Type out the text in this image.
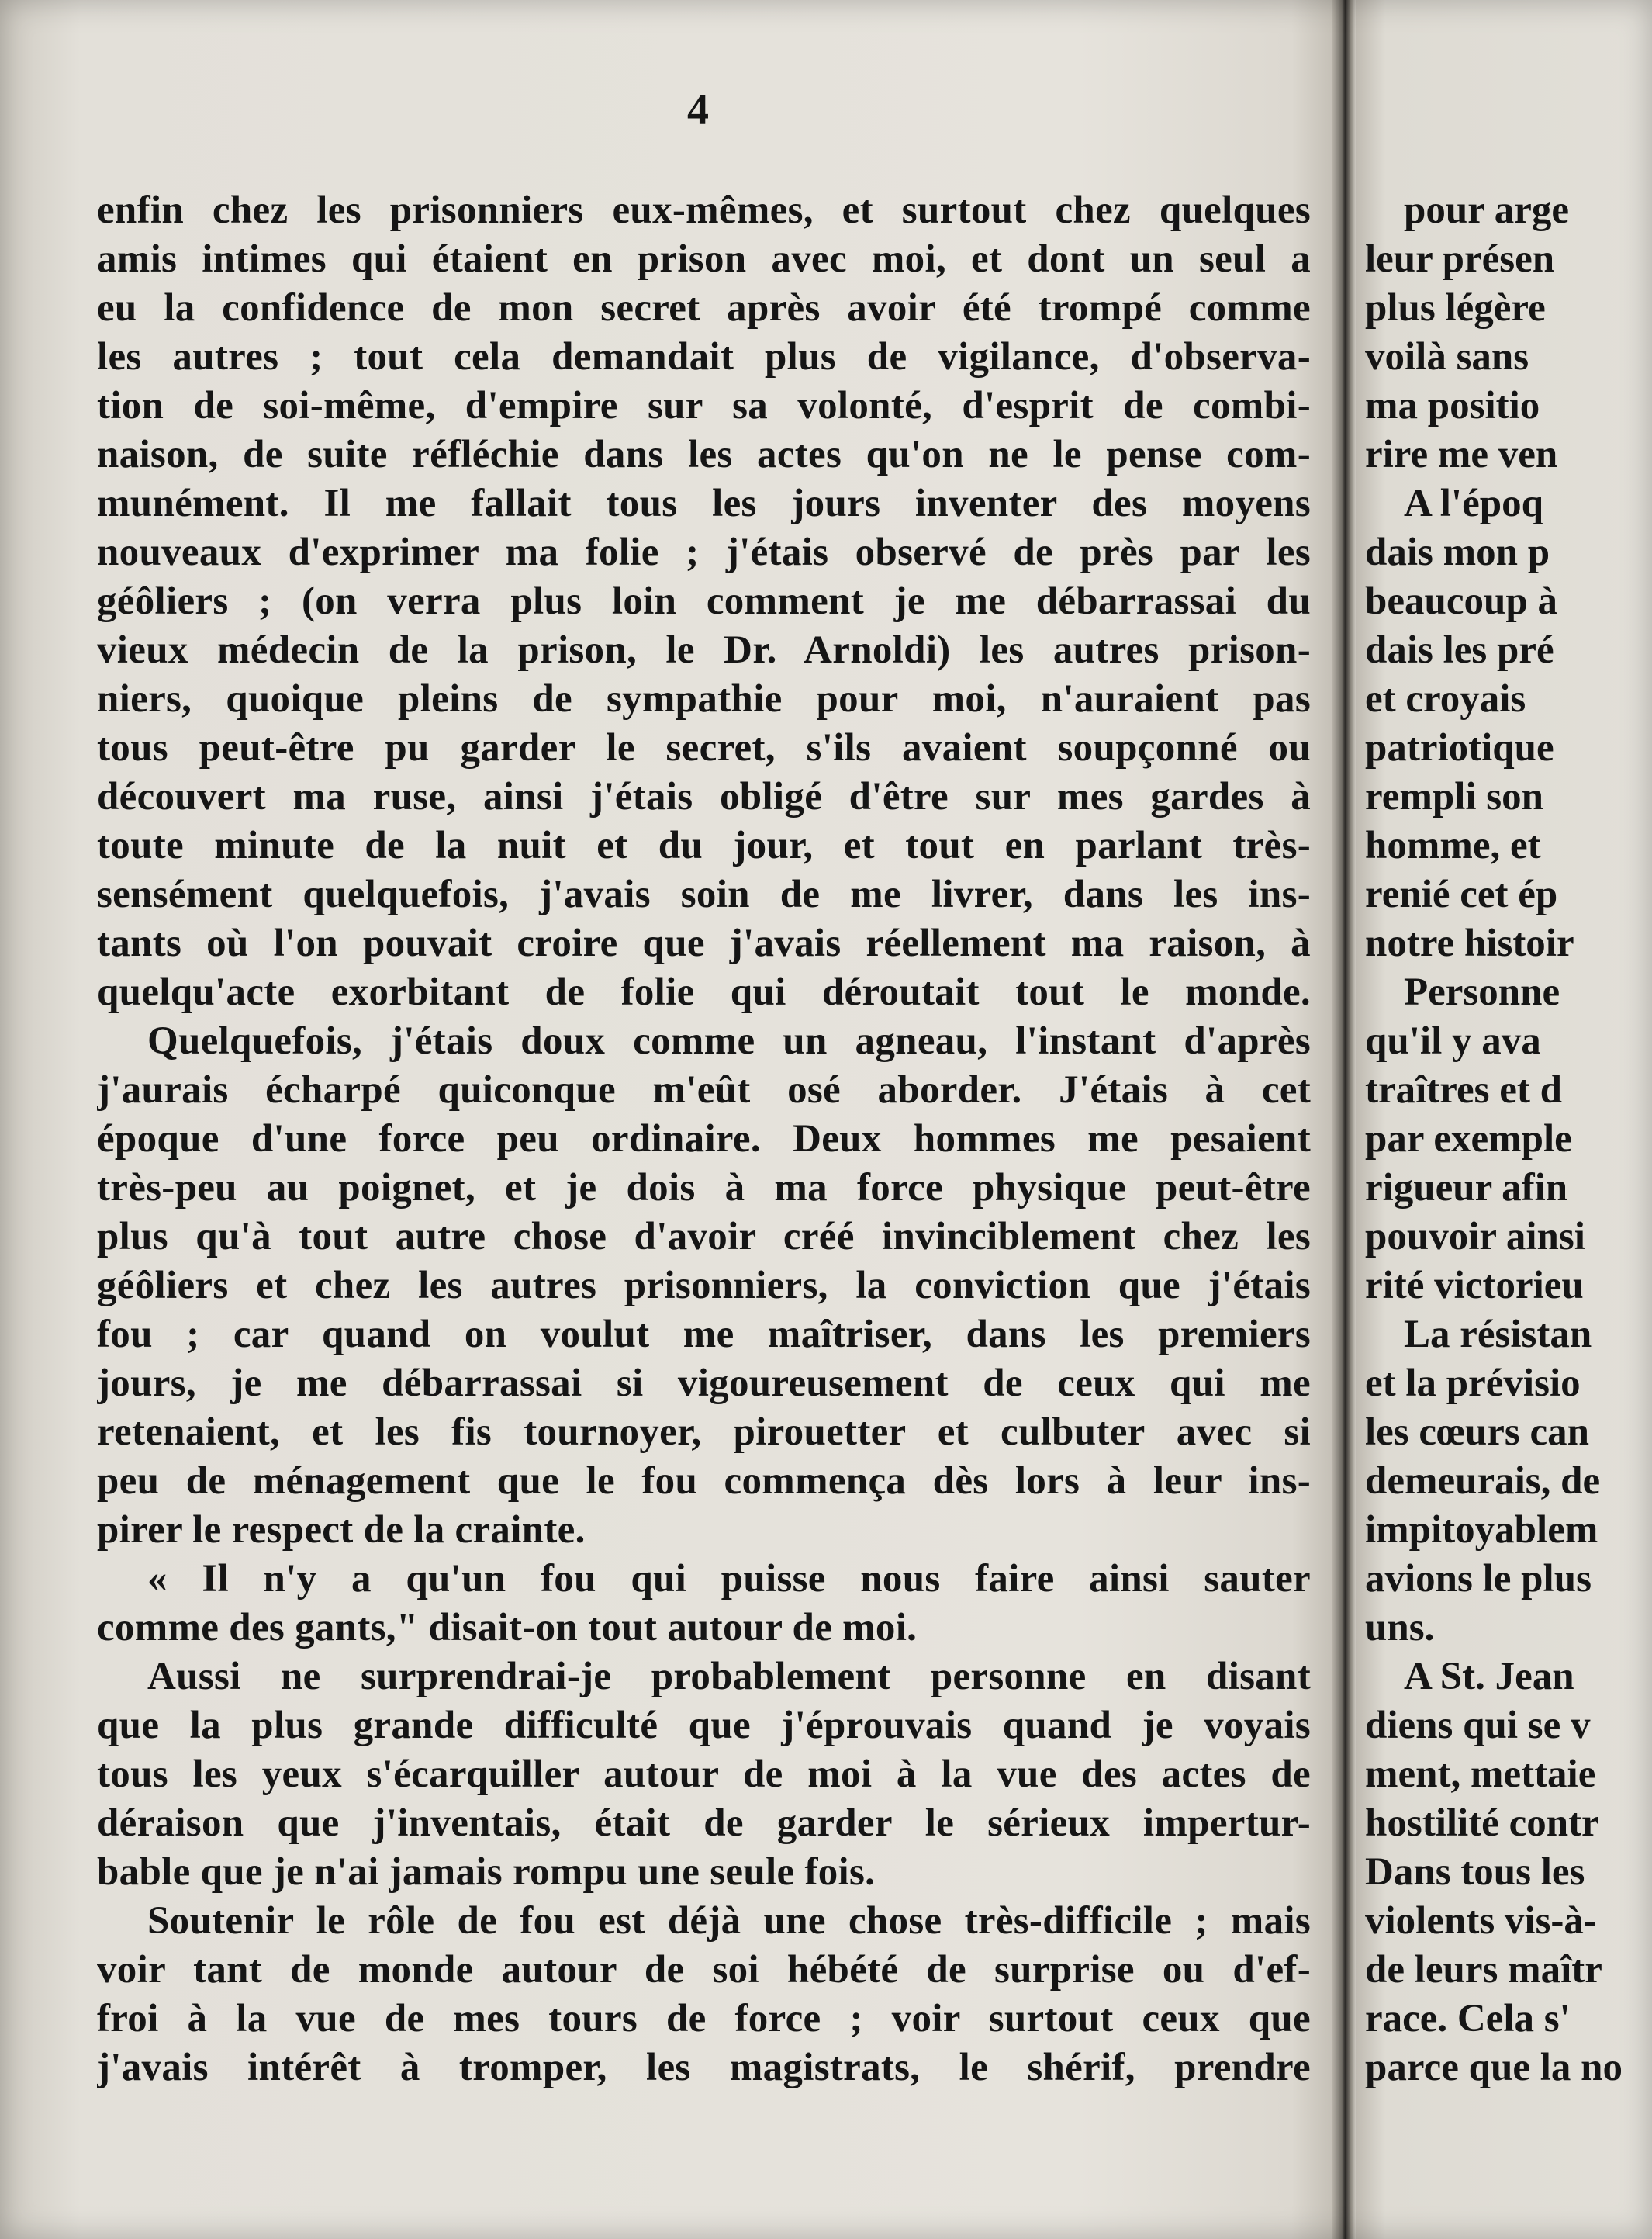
4
enfin chez les prisonniers eux-mêmes, et surtout chez quelques
amis intimes qui étaient en prison avec moi, et dont un seul a
eu la confidence de mon secret après avoir été trompé comme
les autres ; tout cela demandait plus de vigilance, d'observa-
tion de soi-même, d'empire sur sa volonté, d'esprit de combi-
naison, de suite réfléchie dans les actes qu'on ne le pense com-
munément. Il me fallait tous les jours inventer des moyens
nouveaux d'exprimer ma folie ; j'étais observé de près par les
géôliers ; (on verra plus loin comment je me débarrassai du
vieux médecin de la prison, le Dr. Arnoldi) les autres prison-
niers, quoique pleins de sympathie pour moi, n'auraient pas
tous peut-être pu garder le secret, s'ils avaient soupçonné ou
découvert ma ruse, ainsi j'étais obligé d'être sur mes gardes à
toute minute de la nuit et du jour, et tout en parlant très-
sensément quelquefois, j'avais soin de me livrer, dans les ins-
tants où l'on pouvait croire que j'avais réellement ma raison, à
quelqu'acte exorbitant de folie qui déroutait tout le monde.
Quelquefois, j'étais doux comme un agneau, l'instant d'après
j'aurais écharpé quiconque m'eût osé aborder. J'étais à cet
époque d'une force peu ordinaire. Deux hommes me pesaient
très-peu au poignet, et je dois à ma force physique peut-être
plus qu'à tout autre chose d'avoir créé invinciblement chez les
géôliers et chez les autres prisonniers, la conviction que j'étais
fou ; car quand on voulut me maîtriser, dans les premiers
jours, je me débarrassai si vigoureusement de ceux qui me
retenaient, et les fis tournoyer, pirouetter et culbuter avec si
peu de ménagement que le fou commença dès lors à leur ins-
pirer le respect de la crainte.
« Il n'y a qu'un fou qui puisse nous faire ainsi sauter
comme des gants," disait-on tout autour de moi.
Aussi ne surprendrai-je probablement personne en disant
que la plus grande difficulté que j'éprouvais quand je voyais
tous les yeux s'écarquiller autour de moi à la vue des actes de
déraison que j'inventais, était de garder le sérieux impertur-
bable que je n'ai jamais rompu une seule fois.
Soutenir le rôle de fou est déjà une chose très-difficile ; mais
voir tant de monde autour de soi hébété de surprise ou d'ef-
froi à la vue de mes tours de force ; voir surtout ceux que
j'avais intérêt à tromper, les magistrats, le shérif, prendre
pour arge
leur présen
plus légère
voilà sans
ma positio
rire me ven
A l'époq
dais mon p
beaucoup à
dais les pré
et croyais
patriotique
rempli son
homme, et
renié cet ép
notre histoir
Personne
qu'il y ava
traîtres et d
par exemple
rigueur afin
pouvoir ainsi
rité victorieu
La résistan
et la prévisio
les cœurs can
demeurais, de
impitoyablem
avions le plus
uns.
A St. Jean
diens qui se v
ment, mettaie
hostilité contr
Dans tous les
violents vis-à-
de leurs maîtr
race. Cela s'
parce que la no
